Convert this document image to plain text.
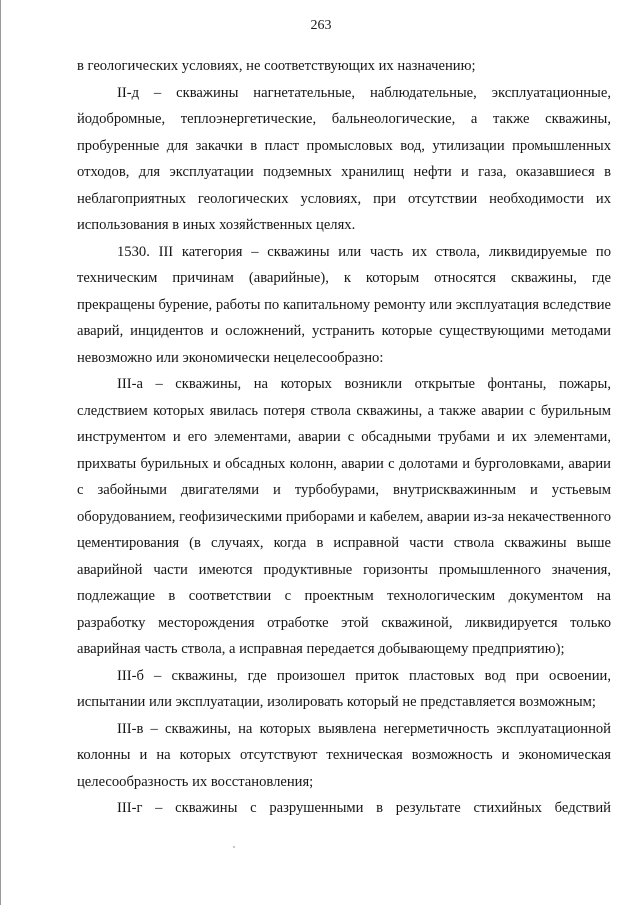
263

в геологических условиях, не соответствующих их назначению;

II-д – скважины нагнетательные, наблюдательные, эксплуатационные, йодобромные, теплоэнергетические, бальнеологические, а также скважины, пробуренные для закачки в пласт промысловых вод, утилизации промышленных отходов, для эксплуатации подземных хранилищ нефти и газа, оказавшиеся в неблагоприятных геологических условиях, при отсутствии необходимости их использования в иных хозяйственных целях.

1530. III категория – скважины или часть их ствола, ликвидируемые по техническим причинам (аварийные), к которым относятся скважины, где прекращены бурение, работы по капитальному ремонту или эксплуатация вследствие аварий, инцидентов и осложнений, устранить которые существующими методами невозможно или экономически нецелесообразно:

III-а – скважины, на которых возникли открытые фонтаны, пожары, следствием которых явилась потеря ствола скважины, а также аварии с бурильным инструментом и его элементами, аварии с обсадными трубами и их элементами, прихваты бурильных и обсадных колонн, аварии с долотами и бурголовками, аварии с забойными двигателями и турбобурами, внутрискважинным и устьевым оборудованием, геофизическими приборами и кабелем, аварии из-за некачественного цементирования (в случаях, когда в исправной части ствола скважины выше аварийной части имеются продуктивные горизонты промышленного значения, подлежащие в соответствии с проектным технологическим документом на разработку месторождения отработке этой скважиной, ликвидируется только аварийная часть ствола, а исправная передается добывающему предприятию);

III-б – скважины, где произошел приток пластовых вод при освоении, испытании или эксплуатации, изолировать который не представляется возможным;

III-в – скважины, на которых выявлена негерметичность эксплуатационной колонны и на которых отсутствуют техническая возможность и экономическая целесообразность их восстановления;

III-г – скважины с разрушенными в результате стихийных бедствий
